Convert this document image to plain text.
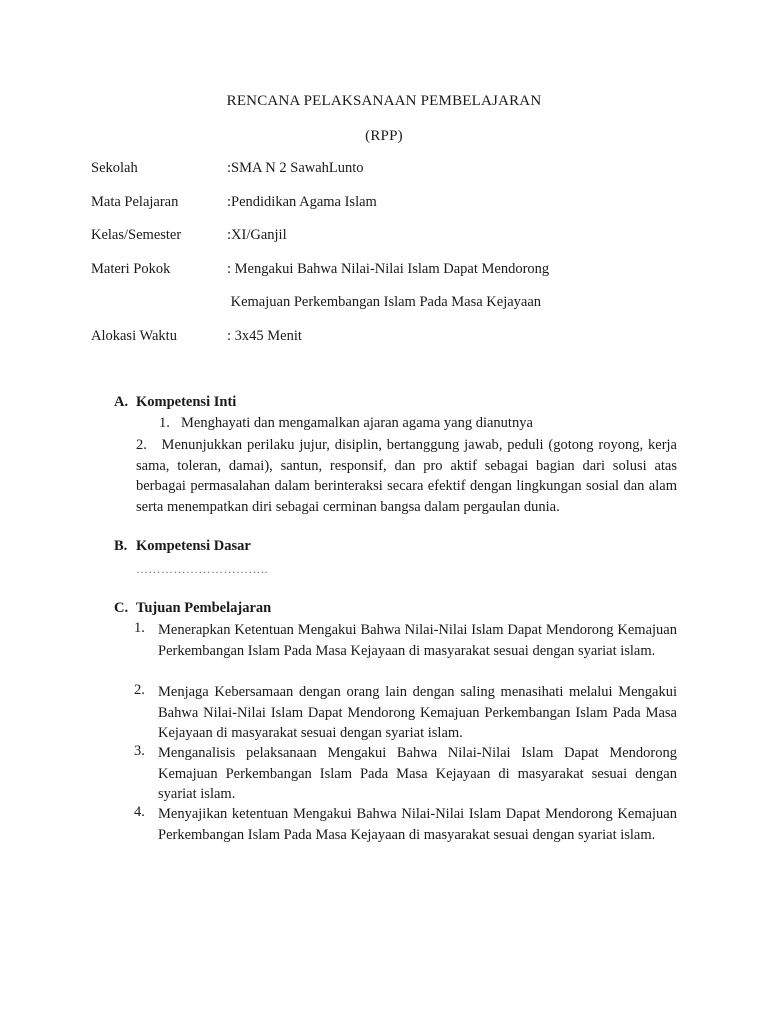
RENCANA PELAKSANAAN PEMBELAJARAN
(RPP)
Sekolah	:SMA N 2 SawahLunto
Mata Pelajaran	:Pendidikan Agama Islam
Kelas/Semester	:XI/Ganjil
Materi Pokok	: Mengakui Bahwa Nilai-Nilai Islam Dapat Mendorong
Kemajuan Perkembangan Islam Pada Masa Kejayaan
Alokasi Waktu	: 3x45 Menit
A. Kompetensi Inti
1. Menghayati dan mengamalkan ajaran agama yang dianutnya

2.   Menunjukkan perilaku jujur, disiplin, bertanggung jawab, peduli (gotong royong, kerja sama, toleran, damai), santun, responsif, dan pro aktif sebagai bagian dari solusi atas berbagai permasalahan dalam berinteraksi secara efektif dengan lingkungan sosial dan alam serta menempatkan diri sebagai cerminan bangsa dalam pergaulan dunia.

B. Kompetensi Dasar
…………………………..
C. Tujuan Pembelajaran
1. Menerapkan Ketentuan Mengakui Bahwa Nilai-Nilai Islam Dapat Mendorong Kemajuan Perkembangan Islam Pada Masa Kejayaan di masyarakat sesuai dengan syariat islam.

2. Menjaga Kebersamaan dengan orang lain dengan saling menasihati melalui Mengakui Bahwa Nilai-Nilai Islam Dapat Mendorong Kemajuan Perkembangan Islam Pada Masa Kejayaan di masyarakat sesuai dengan syariat islam.

3. Menganalisis pelaksanaan Mengakui Bahwa Nilai-Nilai Islam Dapat Mendorong Kemajuan Perkembangan Islam Pada Masa Kejayaan di masyarakat sesuai dengan syariat islam.

4. Menyajikan ketentuan Mengakui Bahwa Nilai-Nilai Islam Dapat Mendorong Kemajuan Perkembangan Islam Pada Masa Kejayaan di masyarakat sesuai dengan syariat islam.
